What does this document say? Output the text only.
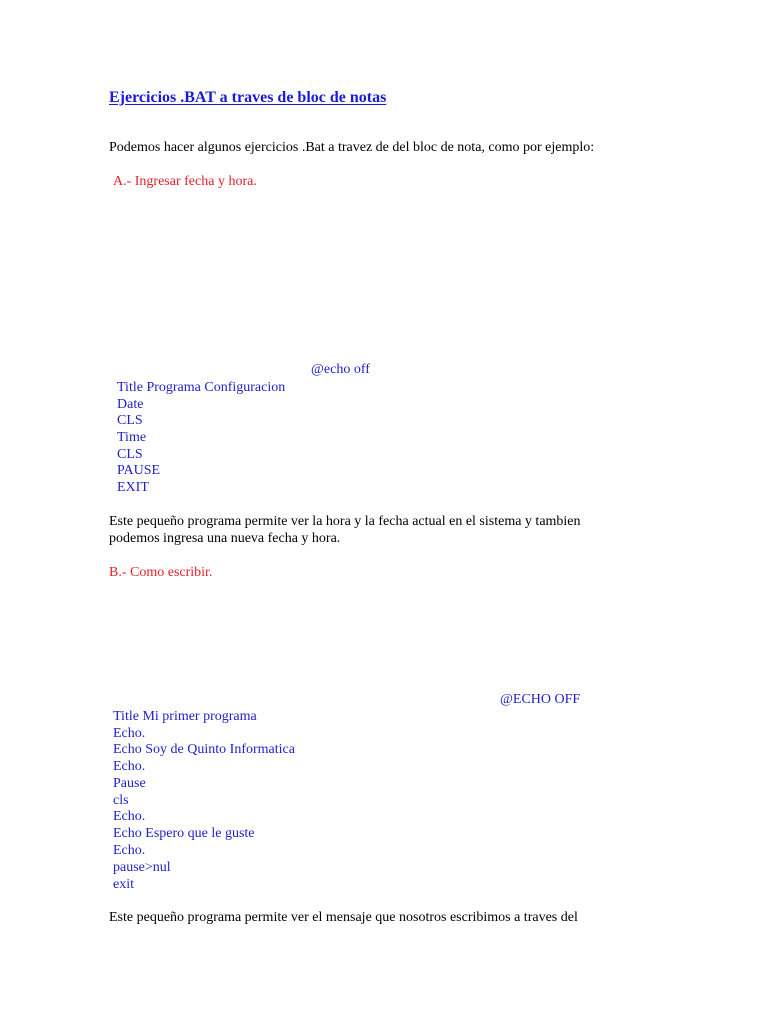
Ejercicios .BAT a traves de bloc de notas
Podemos hacer algunos ejercicios .Bat a travez de del bloc de nota, como por ejemplo:
A.- Ingresar fecha y hora.
@echo off
Title Programa Configuracion
Date
CLS
Time
CLS
PAUSE
EXIT
Este pequeño programa permite ver la hora y la fecha actual en el sistema y tambien
podemos ingresa una nueva fecha y hora.
B.- Como escribir.
@ECHO OFF
Title Mi primer programa
Echo.
Echo Soy de Quinto Informatica
Echo.
Pause
cls
Echo.
Echo Espero que le guste
Echo.
pause>nul
exit
Este pequeño programa permite ver el mensaje que nosotros escribimos a traves del
